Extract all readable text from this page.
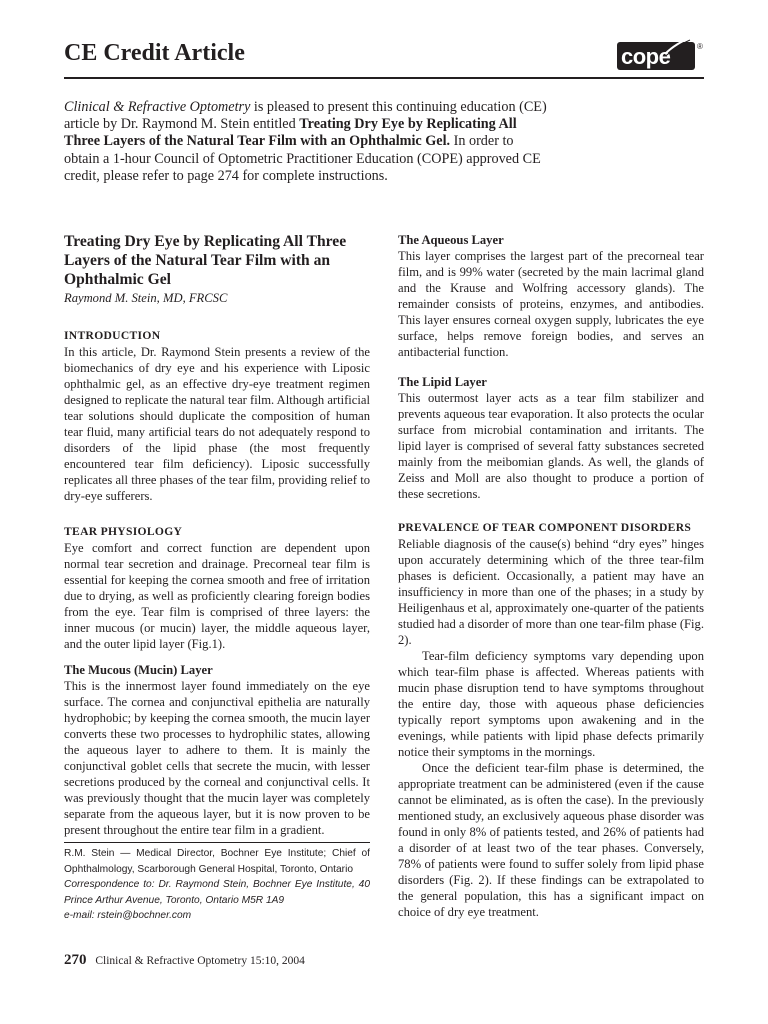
CE Credit Article	cope	®
Clinical & Refractive Optometry is pleased to present this continuing education (CE) article by Dr. Raymond M. Stein entitled Treating Dry Eye by Replicating All Three Layers of the Natural Tear Film with an Ophthalmic Gel. In order to obtain a 1-hour Council of Optometric Practitioner Education (COPE) approved CE credit, please refer to page 274 for complete instructions.
Treating Dry Eye by Replicating All Three Layers of the Natural Tear Film with an Ophthalmic Gel

Raymond M. Stein, MD, FRCSC

INTRODUCTION

In this article, Dr. Raymond Stein presents a review of the biomechanics of dry eye and his experience with Liposic ophthalmic gel, as an effective dry-eye treatment regimen designed to replicate the natural tear film. Although artificial tear solutions should duplicate the composition of human tear fluid, many artificial tears do not adequately respond to disorders of the lipid phase (the most frequently encountered tear film deficiency). Liposic successfully replicates all three phases of the tear film, providing relief to dry-eye sufferers.

TEAR PHYSIOLOGY

Eye comfort and correct function are dependent upon normal tear secretion and drainage. Precorneal tear film is essential for keeping the cornea smooth and free of irritation due to drying, as well as proficiently clearing foreign bodies from the eye. Tear film is comprised of three layers: the inner mucous (or mucin) layer, the middle aqueous layer, and the outer lipid layer (Fig.1).

The Mucous (Mucin) Layer

This is the innermost layer found immediately on the eye surface. The cornea and conjunctival epithelia are naturally hydrophobic; by keeping the cornea smooth, the mucin layer converts these two processes to hydrophilic states, allowing the aqueous layer to adhere to them. It is mainly the conjunctival goblet cells that secrete the mucin, with lesser secretions produced by the corneal and conjunctival cells. It was previously thought that the mucin layer was completely separate from the aqueous layer, but it is now proven to be present throughout the entire tear film in a gradient.

R.M. Stein — Medical Director, Bochner Eye Institute; Chief of Ophthalmology, Scarborough General Hospital, Toronto, Ontario

Correspondence to: Dr. Raymond Stein, Bochner Eye Institute, 40 Prince Arthur Avenue, Toronto, Ontario M5R 1A9

e-mail: rstein@bochner.com

The Aqueous Layer

This layer comprises the largest part of the precorneal tear film, and is 99% water (secreted by the main lacrimal gland and the Krause and Wolfring accessory glands). The remainder consists of proteins, enzymes, and antibodies. This layer ensures corneal oxygen supply, lubricates the eye surface, helps remove foreign bodies, and serves an antibacterial function.

The Lipid Layer

This outermost layer acts as a tear film stabilizer and prevents aqueous tear evaporation. It also protects the ocular surface from microbial contamination and irritants. The lipid layer is comprised of several fatty substances secreted mainly from the meibomian glands. As well, the glands of Zeiss and Moll are also thought to produce a portion of these secretions.

PREVALENCE OF TEAR COMPONENT DISORDERS

Reliable diagnosis of the cause(s) behind “dry eyes” hinges upon accurately determining which of the three tear-film phases is deficient. Occasionally, a patient may have an insufficiency in more than one of the phases; in a study by Heiligenhaus et al, approximately one-quarter of the patients studied had a disorder of more than one tear-film phase (Fig. 2).

Tear-film deficiency symptoms vary depending upon which tear-film phase is affected. Whereas patients with mucin phase disruption tend to have symptoms throughout the entire day, those with aqueous phase deficiencies typically report symptoms upon awakening and in the evenings, while patients with lipid phase defects primarily notice their symptoms in the mornings.

Once the deficient tear-film phase is determined, the appropriate treatment can be administered (even if the cause cannot be eliminated, as is often the case). In the previously mentioned study, an exclusively aqueous phase disorder was found in only 8% of patients tested, and 26% of patients had a disorder of at least two of the tear phases. Conversely, 78% of patients were found to suffer solely from lipid phase disorders (Fig. 2). If these findings can be extrapolated to the general population, this has a significant impact on choice of dry eye treatment.

270 Clinical & Refractive Optometry 15:10, 2004
